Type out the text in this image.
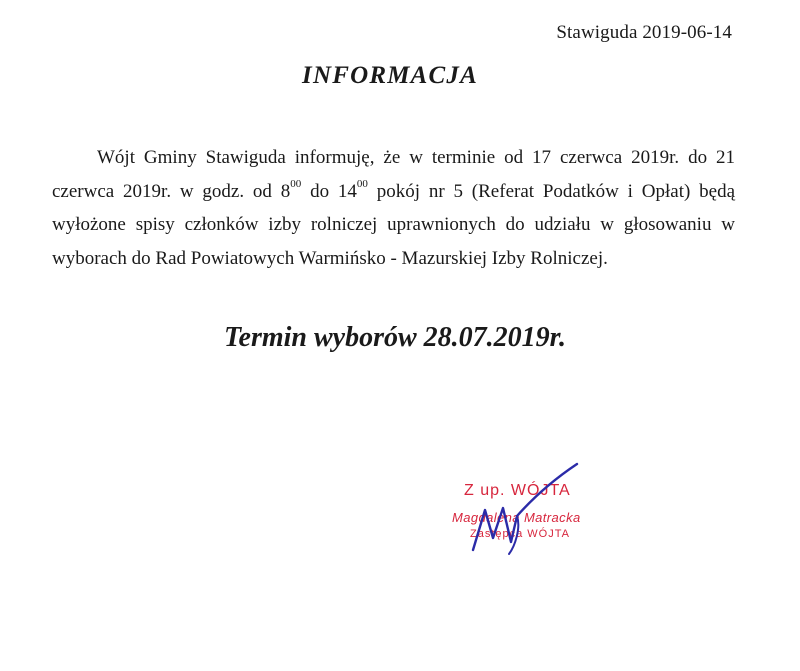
Stawiguda 2019-06-14
INFORMACJA

Wójt Gminy Stawiguda informuję, że w terminie od 17 czerwca 2019r. do 21 czerwca 2019r. w godz. od $8^{00}$ do $14^{00}$ pokój nr 5 (Referat Podatków i Opłat) będą wyłożone spisy członków izby rolniczej uprawnionych do udziału w głosowaniu w wyborach do Rad Powiatowych Warmińsko - Mazurskiej Izby Rolniczej.

Termin wyborów 28.07.2019r.
Z up. WÓJTA
Magdalena Matracka
Zastępca WÓJTA
